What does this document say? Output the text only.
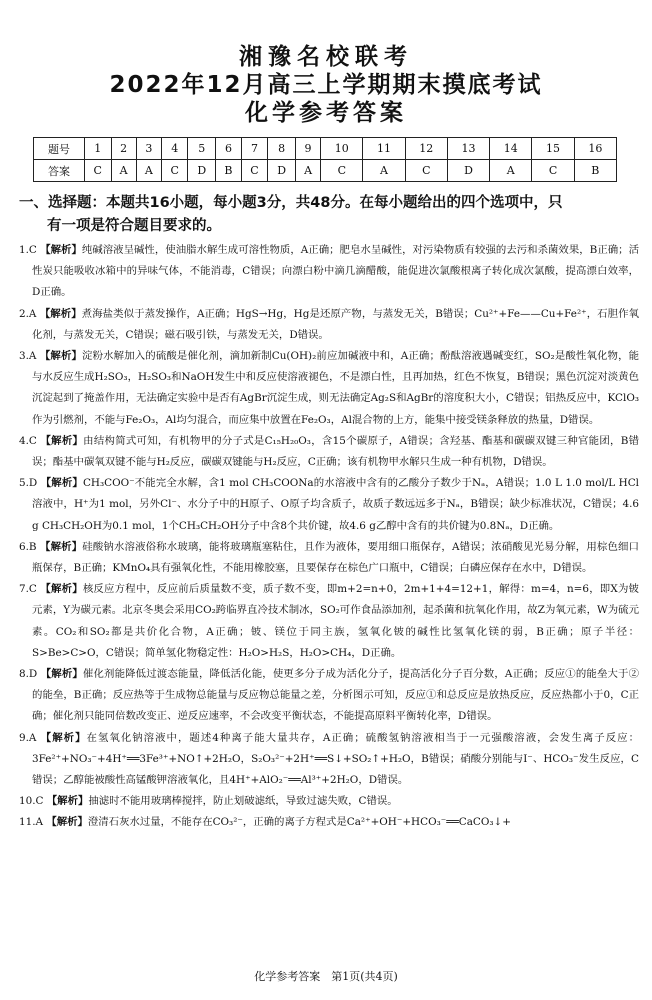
湘豫名校联考
2022年12月高三上学期期末摸底考试
化学参考答案
题号	1	2	3	4	5	6	7	8	9	10	11	12	13	14	15	16
答案	C	A	A	C	D	B	C	D	A	C	A	C	D	A	C	B
一、选择题：本题共16小题，每小题3分，共48分。在每小题给出的四个选项中，只
有一项是符合题目要求的。
1.C 【解析】纯碱溶液呈碱性，使油脂水解生成可溶性物质，A正确；肥皂水呈碱性，对污染物质有较强的去污和杀菌效果，B正确；活性炭只能吸收冰箱中的异味气体，不能消毒，C错误；向漂白粉中滴几滴醋酸，能促进次氯酸根离子转化成次氯酸，提高漂白效率，D正确。
2.A 【解析】煮海盐类似于蒸发操作，A正确；HgS→Hg，Hg是还原产物，与蒸发无关，B错误；Cu²⁺+Fe——Cu+Fe²⁺，石胆作氧化剂，与蒸发无关，C错误；磁石吸引铁，与蒸发无关，D错误。
3.A 【解析】淀粉水解加入的硫酸是催化剂，滴加新制Cu(OH)₂前应加碱液中和，A正确；酚酞溶液遇碱变红，SO₂是酸性氧化物，能与水反应生成H₂SO₃，H₂SO₃和NaOH发生中和反应使溶液褪色，不是漂白性，且再加热，红色不恢复，B错误；黑色沉淀对淡黄色沉淀起到了掩盖作用，无法确定实验中是否有AgBr沉淀生成，则无法确定Ag₂S和AgBr的溶度积大小，C错误；铝热反应中，KClO₃作为引燃剂，不能与Fe₂O₃，Al均匀混合，而应集中放置在Fe₂O₃，Al混合物的上方，能集中接受镁条释放的热量，D错误。
4.C 【解析】由结构简式可知，有机物甲的分子式是C₁₅H₂₀O₃，含15个碳原子，A错误；含羟基、酯基和碳碳双键三种官能团，B错误；酯基中碳氧双键不能与H₂反应，碳碳双键能与H₂反应，C正确；该有机物甲水解只生成一种有机物，D错误。
5.D 【解析】CH₃COO⁻不能完全水解，含1 mol CH₃COONa的水溶液中含有的乙酸分子数少于Nₐ，A错误；1.0 L 1.0 mol/L HCl溶液中，H⁺为1 mol，另外Cl⁻、水分子中的H原子、O原子均含质子，故质子数远远多于Nₐ，B错误；缺少标准状况，C错误；4.6 g CH₃CH₂OH为0.1 mol，1个CH₃CH₂OH分子中含8个共价键，故4.6 g乙醇中含有的共价键为0.8Nₐ，D正确。
6.B 【解析】硅酸钠水溶液俗称水玻璃，能将玻璃瓶塞粘住，且作为液体，要用细口瓶保存，A错误；浓硝酸见光易分解，用棕色细口瓶保存，B正确；KMnO₄具有强氧化性，不能用橡胶塞，且要保存在棕色广口瓶中，C错误；白磷应保存在水中，D错误。
7.C 【解析】核反应方程中，反应前后质量数不变，质子数不变，即m+2=n+0，2m+1+4=12+1，解得：m=4，n=6，即X为铍元素，Y为碳元素。北京冬奥会采用CO₂跨临界直冷技术制冰，SO₂可作食品添加剂，起杀菌和抗氧化作用，故Z为氧元素，W为硫元素。CO₂和SO₂都是共价化合物，A正确；铍、镁位于同主族，氢氧化铍的碱性比氢氧化镁的弱，B正确；原子半径：S>Be>C>O，C错误；简单氢化物稳定性：H₂O>H₂S，H₂O>CH₄，D正确。
8.D 【解析】催化剂能降低过渡态能量，降低活化能，使更多分子成为活化分子，提高活化分子百分数，A正确；反应①的能垒大于②的能垒，B正确；反应热等于生成物总能量与反应物总能量之差，分析图示可知，反应①和总反应是放热反应，反应热都小于0，C正确；催化剂只能同倍数改变正、逆反应速率，不会改变平衡状态，不能提高原料平衡转化率，D错误。
9.A 【解析】在氢氧化钠溶液中，题述4种离子能大量共存，A正确；硫酸氢钠溶液相当于一元强酸溶液，会发生离子反应：3Fe²⁺+NO₃⁻+4H⁺══3Fe³⁺+NO↑+2H₂O，S₂O₃²⁻+2H⁺══S↓+SO₂↑+H₂O，B错误；硝酸分别能与I⁻、HCO₃⁻发生反应，C错误；乙醇能被酸性高锰酸钾溶液氧化，且4H⁺+AlO₂⁻══Al³⁺+2H₂O，D错误。
10.C 【解析】抽滤时不能用玻璃棒搅拌，防止划破滤纸，导致过滤失败，C错误。
11.A 【解析】澄清石灰水过量，不能存在CO₃²⁻，正确的离子方程式是Ca²⁺+OH⁻+HCO₃⁻══CaCO₃↓+
化学参考答案　第1页(共4页)
